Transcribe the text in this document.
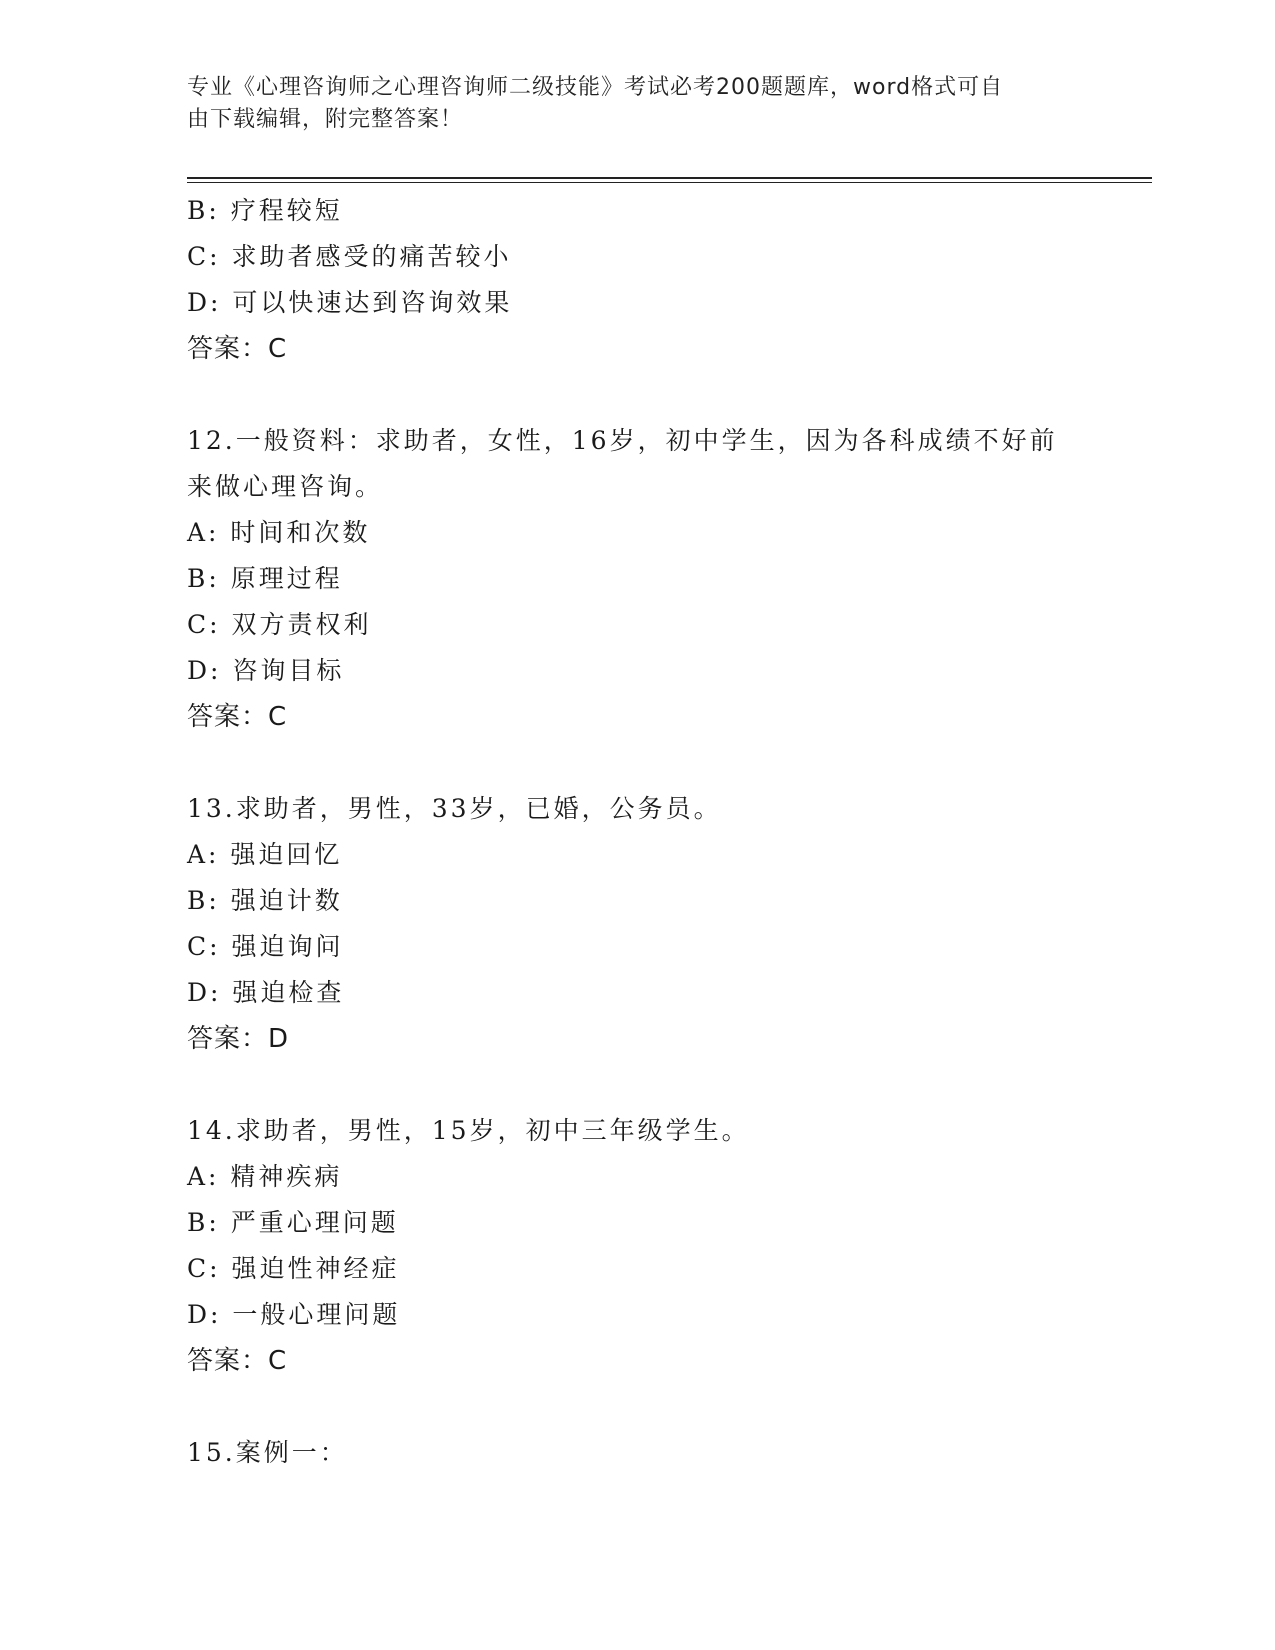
专业《心理咨询师之心理咨询师二级技能》考试必考200题题库，word格式可自
由下载编辑，附完整答案！
B: 疗程较短
C: 求助者感受的痛苦较小
D: 可以快速达到咨询效果
答案：C
12.一般资料：求助者，女性，16岁，初中学生，因为各科成绩不好前
来做心理咨询。
A: 时间和次数
B: 原理过程
C: 双方责权利
D: 咨询目标
答案：C
13.求助者，男性，33岁，已婚，公务员。
A: 强迫回忆
B: 强迫计数
C: 强迫询问
D: 强迫检查
答案：D
14.求助者，男性，15岁，初中三年级学生。
A: 精神疾病
B: 严重心理问题
C: 强迫性神经症
D: 一般心理问题
答案：C
15.案例一：
